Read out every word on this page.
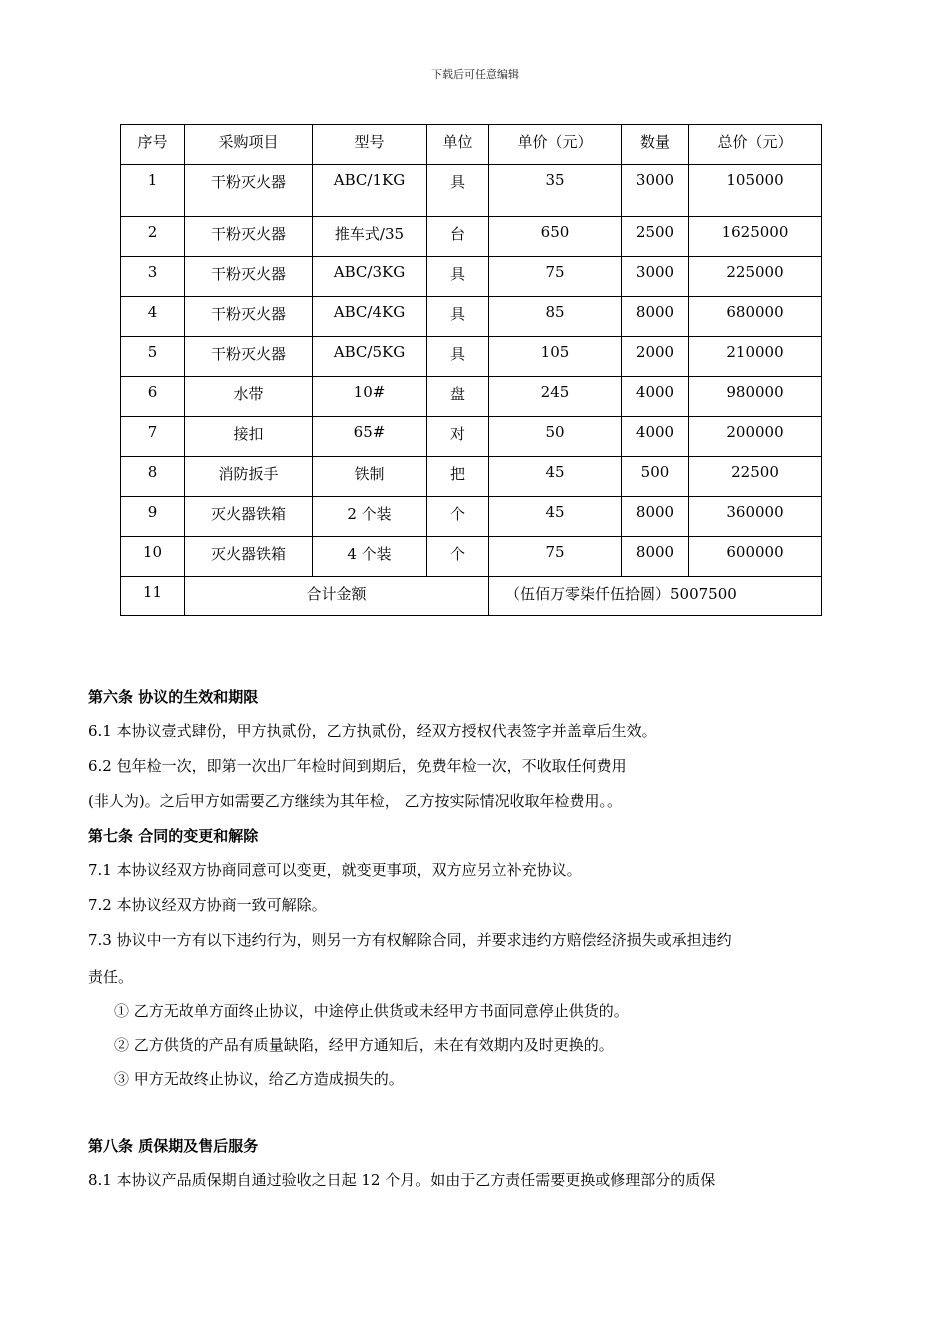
下载后可任意编辑
序号	采购项目	型号	单位	单价（元）	数量	总价（元）
1	干粉灭火器	ABC/1KG	具	35	3000	105000
2	干粉灭火器	推车式/35	台	650	2500	1625000
3	干粉灭火器	ABC/3KG	具	75	3000	225000
4	干粉灭火器	ABC/4KG	具	85	8000	680000
5	干粉灭火器	ABC/5KG	具	105	2000	210000
6	水带	10#	盘	245	4000	980000
7	接扣	65#	对	50	4000	200000
8	消防扳手	铁制	把	45	500	22500
9	灭火器铁箱	2 个装	个	45	8000	360000
10	灭火器铁箱	4 个装	个	75	8000	600000
11	合计金额			（伍佰万零柒仟伍拾圆）5007500		
第六条 协议的生效和期限
6.1 本协议壹式肆份，甲方执贰份，乙方执贰份，经双方授权代表签字并盖章后生效。
6.2 包年检一次，即第一次出厂年检时间到期后，免费年检一次，不收取任何费用
(非人为)。之后甲方如需要乙方继续为其年检， 乙方按实际情况收取年检费用。。
第七条 合同的变更和解除
7.1 本协议经双方协商同意可以变更，就变更事项，双方应另立补充协议。
7.2 本协议经双方协商一致可解除。
7.3 协议中一方有以下违约行为，则另一方有权解除合同，并要求违约方赔偿经济损失或承担违约
责任。
① 乙方无故单方面终止协议，中途停止供货或未经甲方书面同意停止供货的。
② 乙方供货的产品有质量缺陷，经甲方通知后，未在有效期内及时更换的。
③ 甲方无故终止协议，给乙方造成损失的。
第八条 质保期及售后服务
8.1 本协议产品质保期自通过验收之日起 12 个月。如由于乙方责任需要更换或修理部分的质保
